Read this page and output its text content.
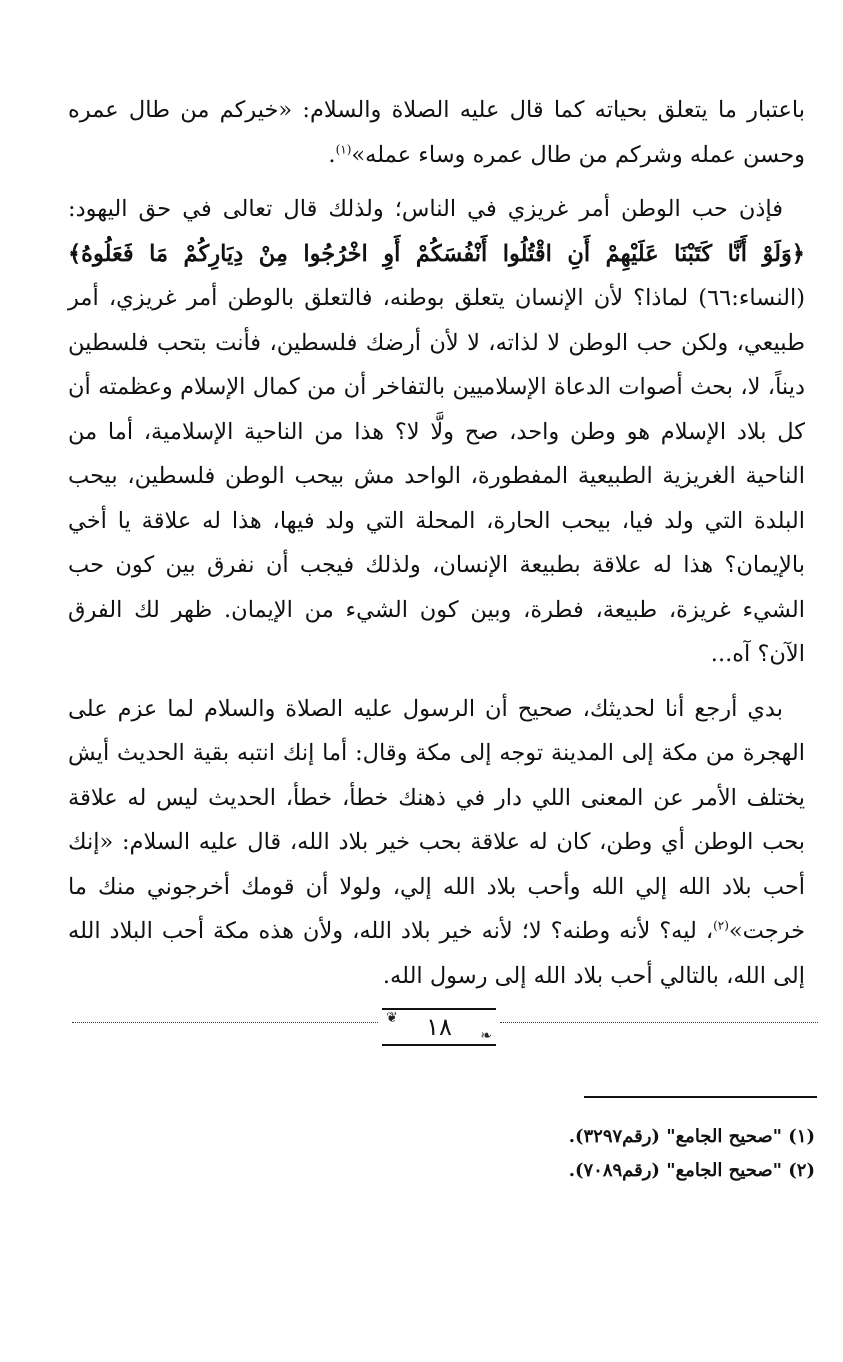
باعتبار ما يتعلق بحياته كما قال عليه الصلاة والسلام: «خيركم من طال عمره وحسن عمله وشركم من طال عمره وساء عمله»$^{(١)}$.

فإذن حب الوطن أمر غريزي في الناس؛ ولذلك قال تعالى في حق اليهود: ﴿وَلَوْ أَنَّا كَتَبْنَا عَلَيْهِمْ أَنِ اقْتُلُوا أَنْفُسَكُمْ أَوِ اخْرُجُوا مِنْ دِيَارِكُمْ مَا فَعَلُوهُ﴾(النساء:٦٦) لماذا؟ لأن الإنسان يتعلق بوطنه، فالتعلق بالوطن أمر غريزي، أمر طبيعي، ولكن حب الوطن لا لذاته، لا لأن أرضك فلسطين، فأنت بتحب فلسطين ديناً، لا، بحث أصوات الدعاة الإسلاميين بالتفاخر أن من كمال الإسلام وعظمته أن كل بلاد الإسلام هو وطن واحد، صح ولَّا لا؟ هذا من الناحية الإسلامية، أما من الناحية الغريزية الطبيعية المفطورة، الواحد مش بيحب الوطن فلسطين، بيحب البلدة التي ولد فيا، بيحب الحارة، المحلة التي ولد فيها، هذا له علاقة يا أخي بالإيمان؟ هذا له علاقة بطبيعة الإنسان، ولذلك فيجب أن نفرق بين كون حب الشيء غريزة، طبيعة، فطرة، وبين كون الشيء من الإيمان. ظهر لك الفرق الآن؟ آه...

بدي أرجع أنا لحديثك، صحيح أن الرسول عليه الصلاة والسلام لما عزم على الهجرة من مكة إلى المدينة توجه إلى مكة وقال: أما إنك انتبه بقية الحديث أيش يختلف الأمر عن المعنى اللي دار في ذهنك خطأ، خطأ، الحديث ليس له علاقة بحب الوطن أي وطن، كان له علاقة بحب خير بلاد الله، قال عليه السلام: «إنك أحب بلاد الله إلي الله وأحب بلاد الله إلي، ولولا أن قومك أخرجوني منك ما خرجت»$^{(٢)}$، ليه؟ لأنه وطنه؟ لا؛ لأنه خير بلاد الله، ولأن هذه مكة أحب البلاد الله إلى الله، بالتالي أحب بلاد الله إلى رسول الله.

❦ ١٨ ❧
(١) "صحيح الجامع" (رقم٣٢٩٧).
(٢) "صحيح الجامع" (رقم٧٠٨٩).
